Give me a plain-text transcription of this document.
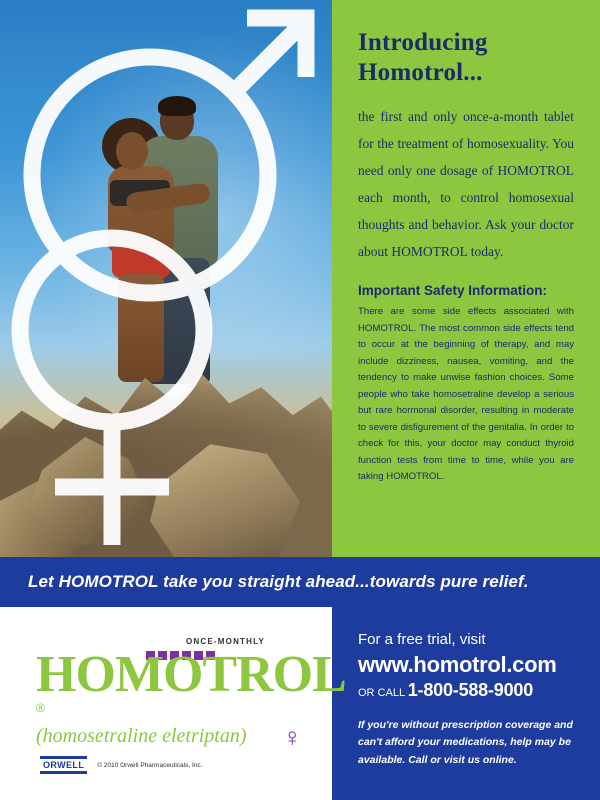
Introducing Homotrol...

the first and only once-a-month tablet for the treatment of homosexuality. You need only one dosage of HOMOTROL each month, to control homosexual thoughts and behavior. Ask your doctor about HOMOTROL today.

Important Safety Information:

There are some side effects associated with HOMOTROL. The most common side effects tend to occur at the beginning of therapy, and may include dizziness, nausea, vomiting, and the tendency to make unwise fashion choices. Some people who take homosetraline develop a serious but rare hormonal disorder, resulting in moderate to severe disfigurement of the genitalia. In order to check for this, your doctor may conduct thyroid function tests from time to time, while you are taking HOMOTROL.

Let HOMOTROL take you straight ahead...towards pure relief.
ONCE-MONTHLY
HOMOTROL®
(homosetraline eletriptan)	♀
ORWELL	© 2010 Orwell Pharmaceuticals, Inc.
For a free trial, visit
www.homotrol.com
OR CALL 1-800-588-9000
If you're without prescription coverage and can't afford your medications, help may be available. Call or visit us online.
